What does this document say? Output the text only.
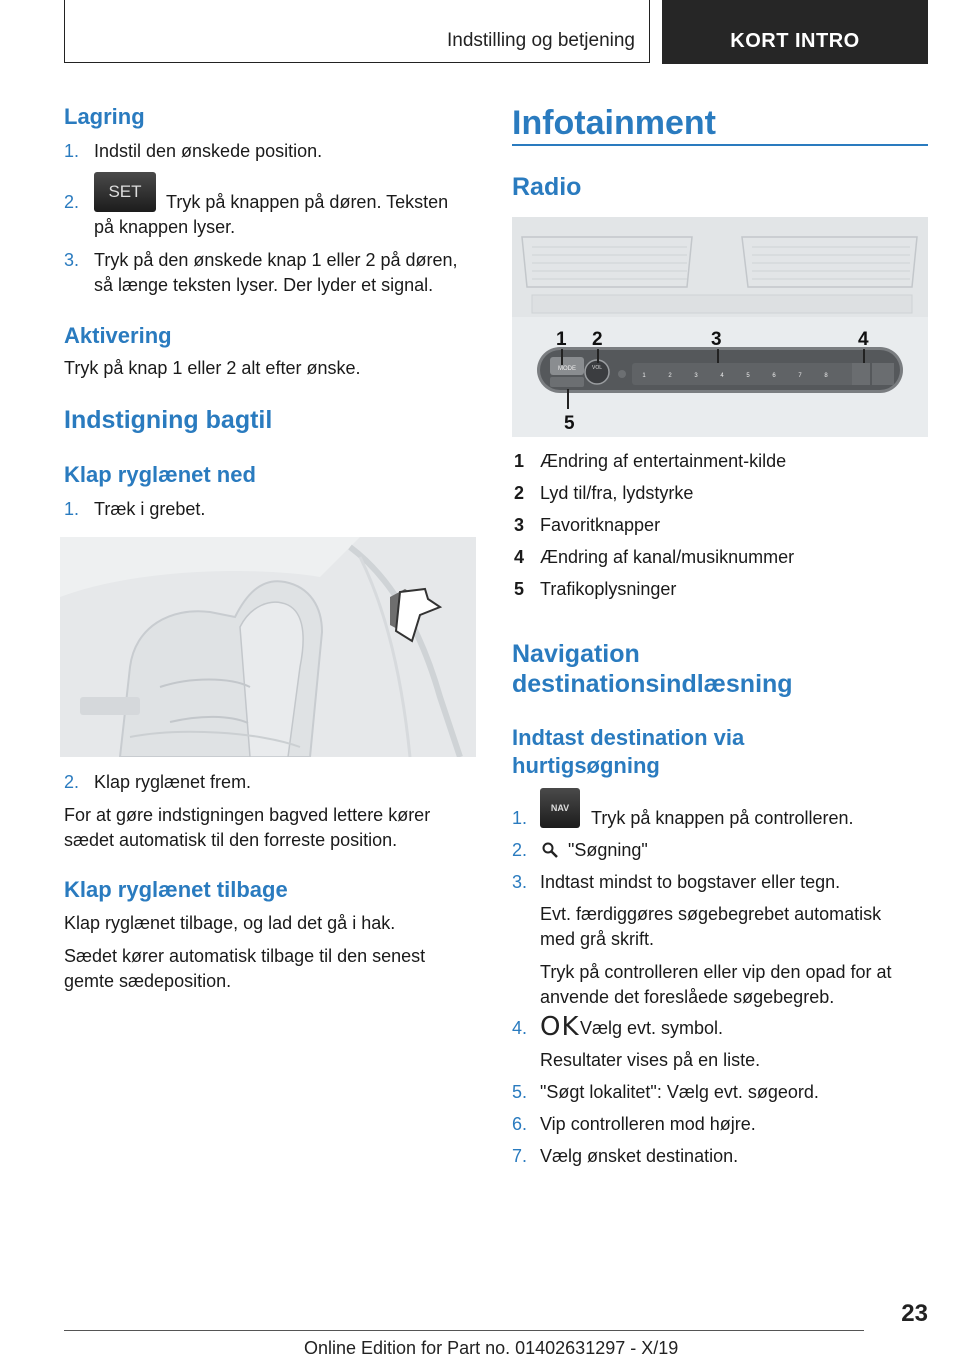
Indstilling og betjening	KORT INTRO
Lagring
1. Indstil den ønskede position.
2.
SET
Tryk på knappen på døren. Teksten
på knappen lyser.
3. Tryk på den ønskede knap 1 eller 2 på døren,
så længe teksten lyser. Der lyder et signal.
Aktivering
Tryk på knap 1 eller 2 alt efter ønske.
Indstigning bagtil
Klap ryglænet ned
1. Træk i grebet.
2. Klap ryglænet frem.
For at gøre indstigningen bagved lettere kører
sædet automatisk til den forreste position.
Klap ryglænet tilbage
Klap ryglænet tilbage, og lad det gå i hak.
Sædet kører automatisk tilbage til den senest
gemte sædeposition.
Infotainment
Radio
MODE	VOL
1	2	3	4	5	6	7	8
1 2	3	4
5
1 Ændring af entertainment-kilde
2 Lyd til/fra, lydstyrke
3 Favoritknapper
4 Ændring af kanal/musiknummer
5 Trafikoplysninger
Navigation
destinationsindlæsning
Indtast destination via
hurtigsøgning
1.	NAV	Tryk på knappen på controlleren.
2. "Søgning"
3. Indtast mindst to bogstaver eller tegn.
Evt. færdiggøres søgebegrebet automatisk
med grå skrift.
Tryk på controlleren eller vip den opad for at
anvende det foreslåede søgebegreb.
4. OK Vælg evt. symbol.
Resultater vises på en liste.
5. "Søgt lokalitet": Vælg evt. søgeord.
6. Vip controlleren mod højre.
7. Vælg ønsket destination.
23
Online Edition for Part no. 01402631297 - X/19
